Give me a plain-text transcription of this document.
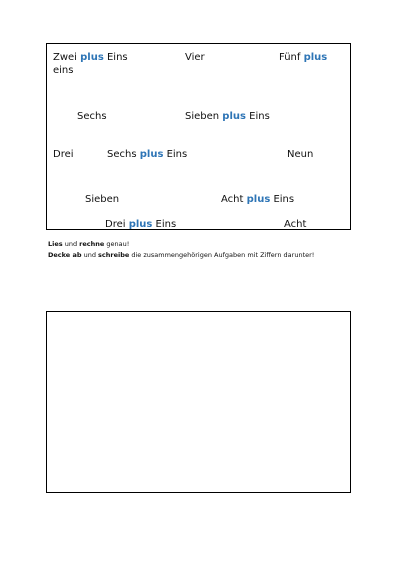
Zwei plus Eins
eins
Vier	Fünf plus
Sechs	Sieben plus Eins
Drei	Sechs plus Eins	Neun
Sieben	Acht plus Eins
Drei plus Eins	Acht
Lies und rechne genau!
Decke ab und schreibe die zusammengehörigen Aufgaben mit Ziffern darunter!
